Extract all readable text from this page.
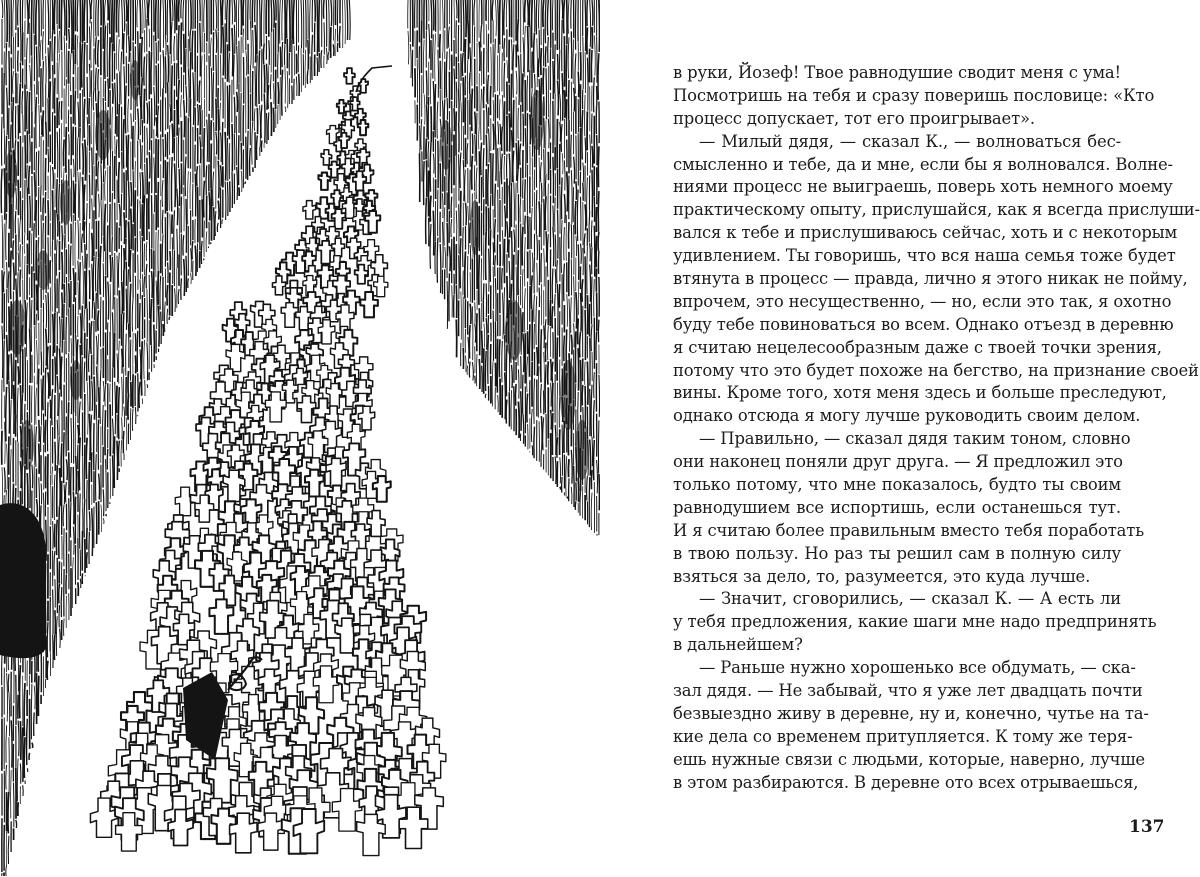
в руки, Йозеф! Твое равнодушие сводит меня с ума!
Посмотришь на тебя и сразу поверишь пословице: «Кто
процесс допускает, тот его проигрывает».
— Милый дядя, — сказал К., — волноваться бес-
смысленно и тебе, да и мне, если бы я волновался. Волне-
ниями процесс не выиграешь, поверь хоть немного моему
практическому опыту, прислушайся, как я всегда прислуши-
вался к тебе и прислушиваюсь сейчас, хоть и с некоторым
удивлением. Ты говоришь, что вся наша семья тоже будет
втянута в процесс — правда, лично я этого никак не пойму,
впрочем, это несущественно, — но, если это так, я охотно
буду тебе повиноваться во всем. Однако отъезд в деревню
я считаю нецелесообразным даже с твоей точки зрения,
потому что это будет похоже на бегство, на признание своей
вины. Кроме того, хотя меня здесь и больше преследуют,
однако отсюда я могу лучше руководить своим делом.
— Правильно, — сказал дядя таким тоном, словно
они наконец поняли друг друга. — Я предложил это
только потому, что мне показалось, будто ты своим
равнодушием все испортишь, если останешься тут.
И я считаю более правильным вместо тебя поработать
в твою пользу. Но раз ты решил сам в полную силу
взяться за дело, то, разумеется, это куда лучше.
— Значит, сговорились, — сказал К. — А есть ли
у тебя предложения, какие шаги мне надо предпринять
в дальнейшем?
— Раньше нужно хорошенько все обдумать, — ска-
зал дядя. — Не забывай, что я уже лет двадцать почти
безвыездно живу в деревне, ну и, конечно, чутье на та-
кие дела со временем притупляется. К тому же теря-
ешь нужные связи с людьми, которые, наверно, лучше
в этом разбираются. В деревне ото всех отрываешься,
137
